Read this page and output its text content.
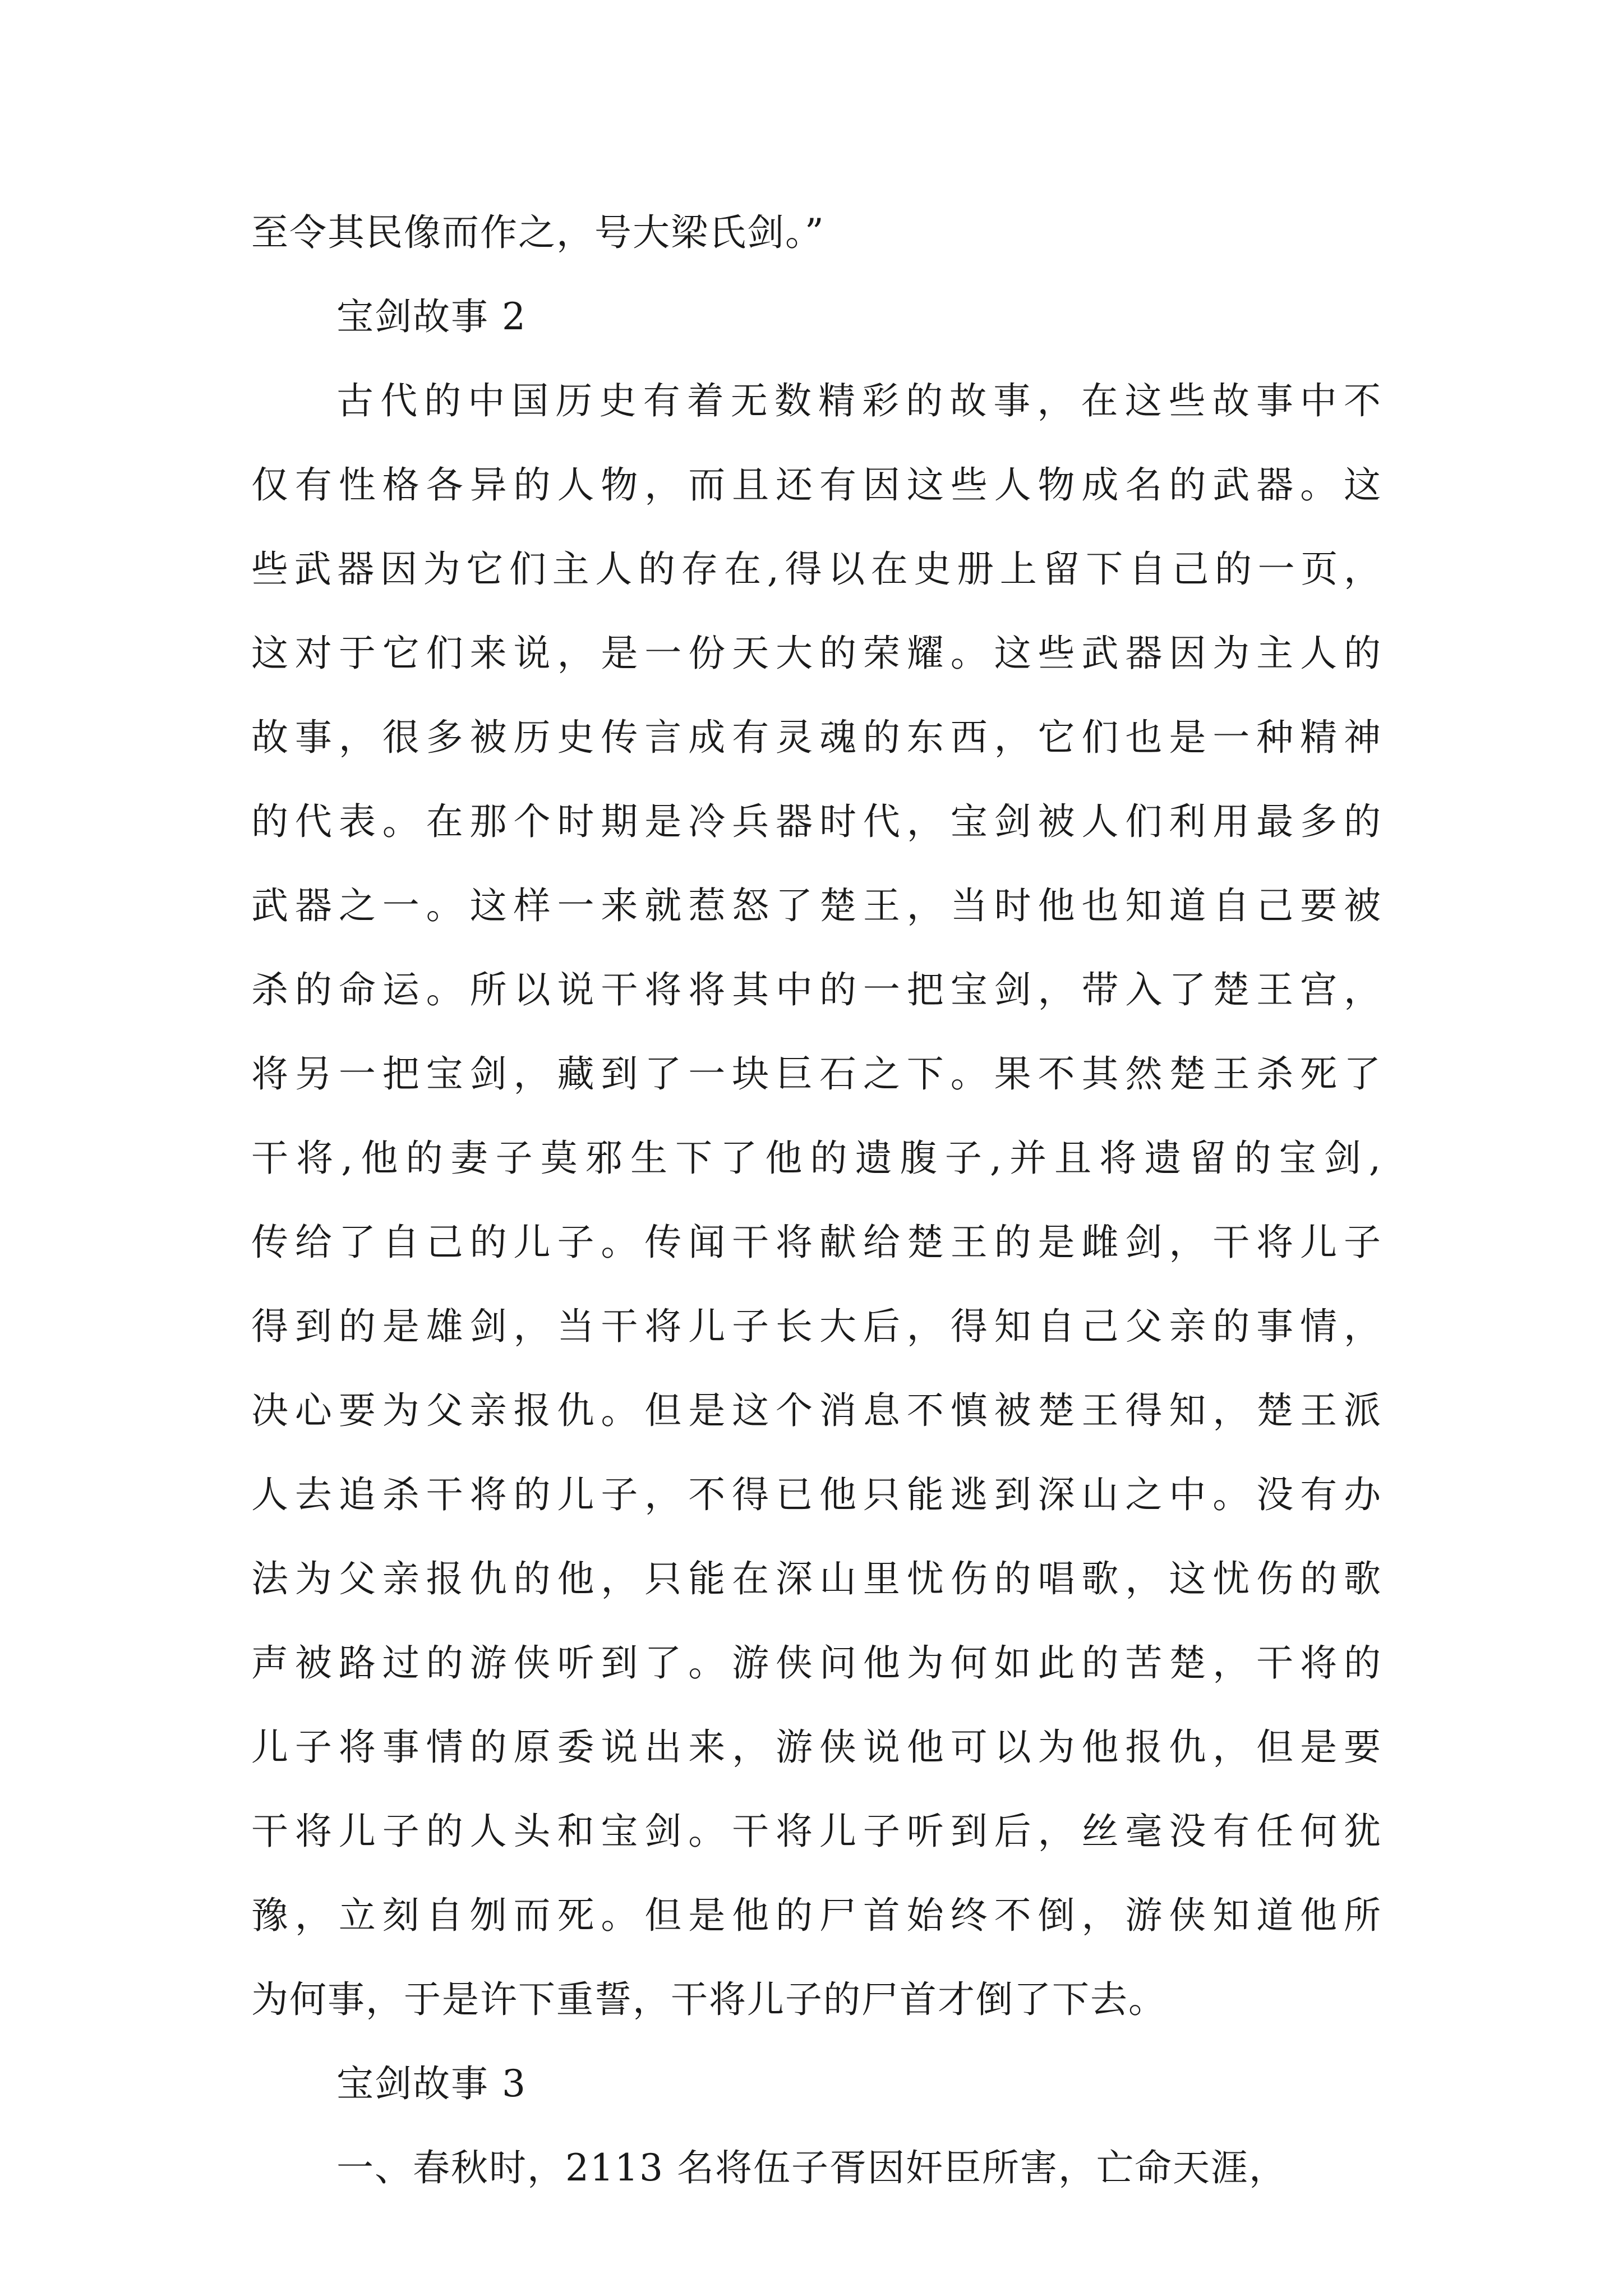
至令其民像而作之，号大梁氏剑。”

宝剑故事 2

古代的中国历史有着无数精彩的故事，在这些故事中不

仅有性格各异的人物，而且还有因这些人物成名的武器。这

些武器因为它们主人的存在,得以在史册上留下自己的一页，

这对于它们来说，是一份天大的荣耀。这些武器因为主人的

故事，很多被历史传言成有灵魂的东西，它们也是一种精神

的代表。在那个时期是冷兵器时代，宝剑被人们利用最多的

武器之一。这样一来就惹怒了楚王，当时他也知道自己要被

杀的命运。所以说干将将其中的一把宝剑，带入了楚王宫，

将另一把宝剑，藏到了一块巨石之下。果不其然楚王杀死了

干将,他的妻子莫邪生下了他的遗腹子,并且将遗留的宝剑,

传给了自己的儿子。传闻干将献给楚王的是雌剑，干将儿子

得到的是雄剑，当干将儿子长大后，得知自己父亲的事情，

决心要为父亲报仇。但是这个消息不慎被楚王得知，楚王派

人去追杀干将的儿子，不得已他只能逃到深山之中。没有办

法为父亲报仇的他，只能在深山里忧伤的唱歌，这忧伤的歌

声被路过的游侠听到了。游侠问他为何如此的苦楚，干将的

儿子将事情的原委说出来，游侠说他可以为他报仇，但是要

干将儿子的人头和宝剑。干将儿子听到后，丝毫没有任何犹

豫，立刻自刎而死。但是他的尸首始终不倒，游侠知道他所

为何事，于是许下重誓，干将儿子的尸首才倒了下去。

宝剑故事 3

一、春秋时，2113 名将伍子胥因奸臣所害，亡命天涯，
